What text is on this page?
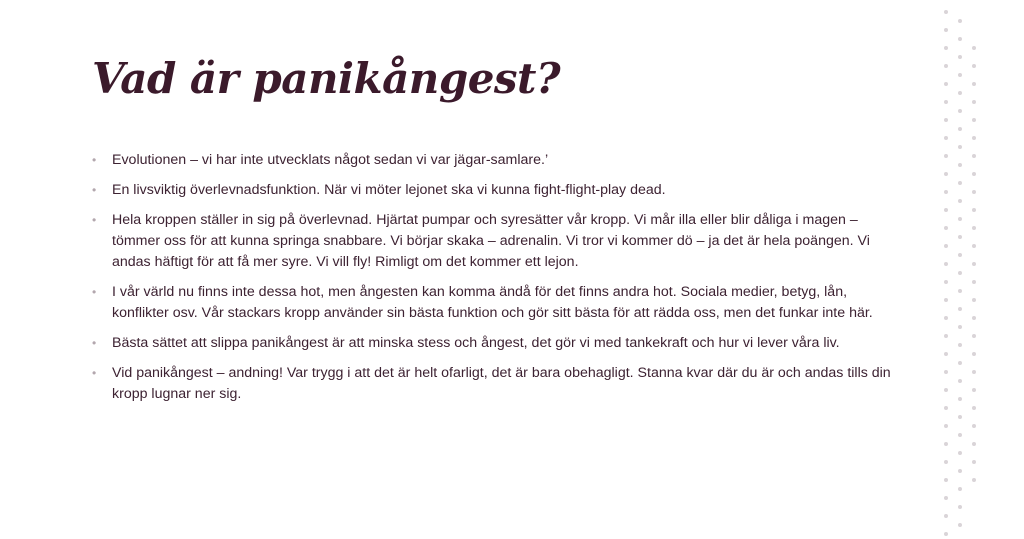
Vad är panikångest?
• Evolutionen – vi har inte utvecklats något sedan vi var jägar-samlare.’
• En livsviktig överlevnadsfunktion. När vi möter lejonet ska vi kunna fight-flight-play dead.
• Hela kroppen ställer in sig på överlevnad. Hjärtat pumpar och syresätter vår kropp. Vi mår illa eller blir dåliga i magen – tömmer oss för att kunna springa snabbare. Vi börjar skaka – adrenalin. Vi tror vi kommer dö – ja det är hela poängen. Vi andas häftigt för att få mer syre. Vi vill fly! Rimligt om det kommer ett lejon.
• I vår värld nu finns inte dessa hot, men ångesten kan komma ändå för det finns andra hot. Sociala medier, betyg, lån, konflikter osv. Vår stackars kropp använder sin bästa funktion och gör sitt bästa för att rädda oss, men det funkar inte här.
• Bästa sättet att slippa panikångest är att minska stess och ångest, det gör vi med tankekraft och hur vi lever våra liv.
• Vid panikångest – andning! Var trygg i att det är helt ofarligt, det är bara obehagligt. Stanna kvar där du är och andas tills din kropp lugnar ner sig.
